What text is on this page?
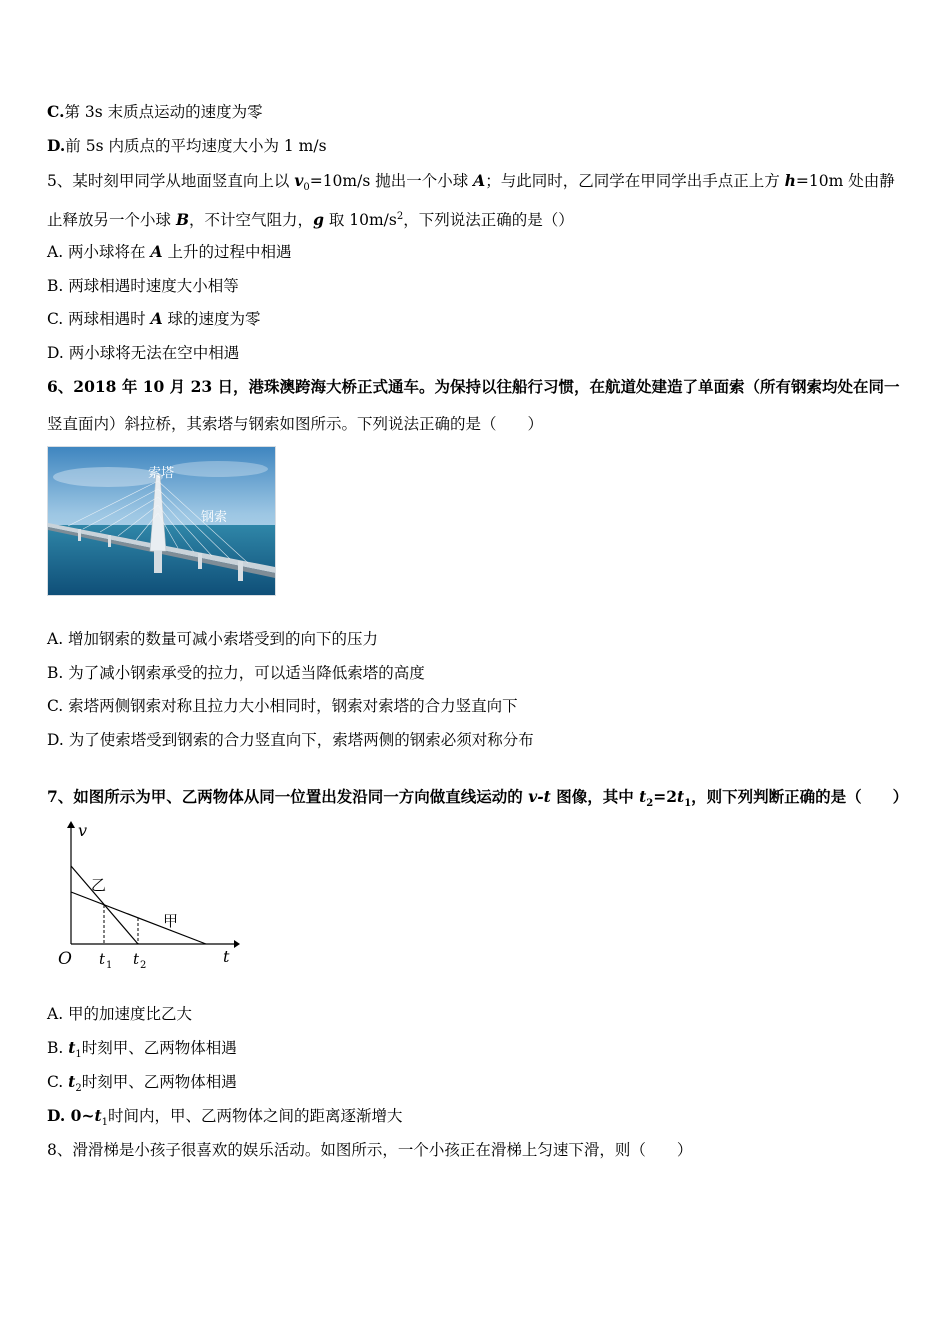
C.第 3s 末质点运动的速度为零
D.前 5s 内质点的平均速度大小为 1 m/s
5、某时刻甲同学从地面竖直向上以 $v_0=10m/s$ 抛出一个小球 A；与此同时，乙同学在甲同学出手点正上方 h=10m 处由静
止释放另一个小球 B，不计空气阻力，g 取 $10m/s^2$，下列说法正确的是（）
A. 两小球将在 A 上升的过程中相遇
B. 两球相遇时速度大小相等
C. 两球相遇时 A 球的速度为零
D. 两小球将无法在空中相遇
6、2018 年 10 月 23 日，港珠澳跨海大桥正式通车。为保持以往船行习惯，在航道处建造了单面索（所有钢索均处在同一
竖直面内）斜拉桥，其索塔与钢索如图所示。下列说法正确的是（　　）
索塔
钢索
A. 增加钢索的数量可减小索塔受到的向下的压力
B. 为了减小钢索承受的拉力，可以适当降低索塔的高度
C. 索塔两侧钢索对称且拉力大小相同时，钢索对索塔的合力竖直向下
D. 为了使索塔受到钢索的合力竖直向下，索塔两侧的钢索必须对称分布
7、如图所示为甲、乙两物体从同一位置出发沿同一方向做直线运动的 v-t 图像，其中 $t_2=2t_1$，则下列判断正确的是（　　）
v
t
O t 1 t 2
乙
甲
A. 甲的加速度比乙大
B. $t_1$时刻甲、乙两物体相遇
C. $t_2$时刻甲、乙两物体相遇
D. $0\sim t_1$时间内，甲、乙两物体之间的距离逐渐增大
8、滑滑梯是小孩子很喜欢的娱乐活动。如图所示，一个小孩正在滑梯上匀速下滑，则（　　）
